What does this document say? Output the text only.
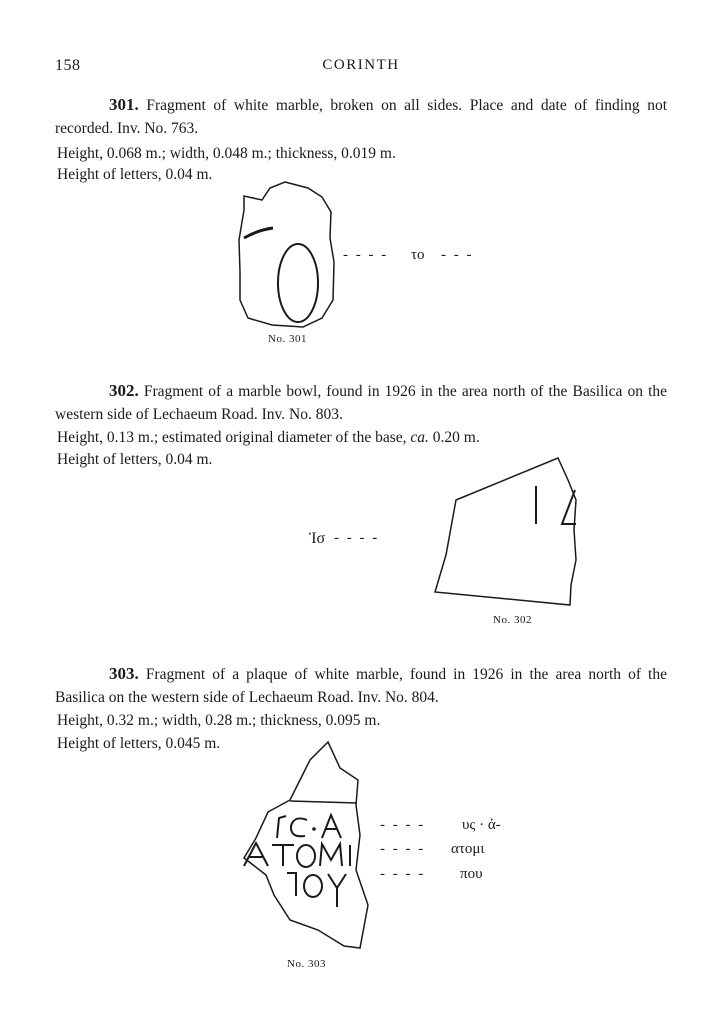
158	CORINTH
301. Fragment of white marble, broken on all sides. Place and date of finding not recorded. Inv. No. 763.
Height, 0.068 m.; width, 0.048 m.; thickness, 0.019 m.
Height of letters, 0.04 m.
- - - - το - - -
No. 301
302. Fragment of a marble bowl, found in 1926 in the area north of the Basilica on the western side of Lechaeum Road. Inv. No. 803.
Height, 0.13 m.; estimated original diameter of the base, ca. 0.20 m.
Height of letters, 0.04 m.
Ἰσ - - - -
No. 302
303. Fragment of a plaque of white marble, found in 1926 in the area north of the Basilica on the western side of Lechaeum Road. Inv. No. 804.
Height, 0.32 m.; width, 0.28 m.; thickness, 0.095 m.
Height of letters, 0.045 m.
- - - - υς · ἀ-
- - - - ατομι
- - - - που
No. 303
